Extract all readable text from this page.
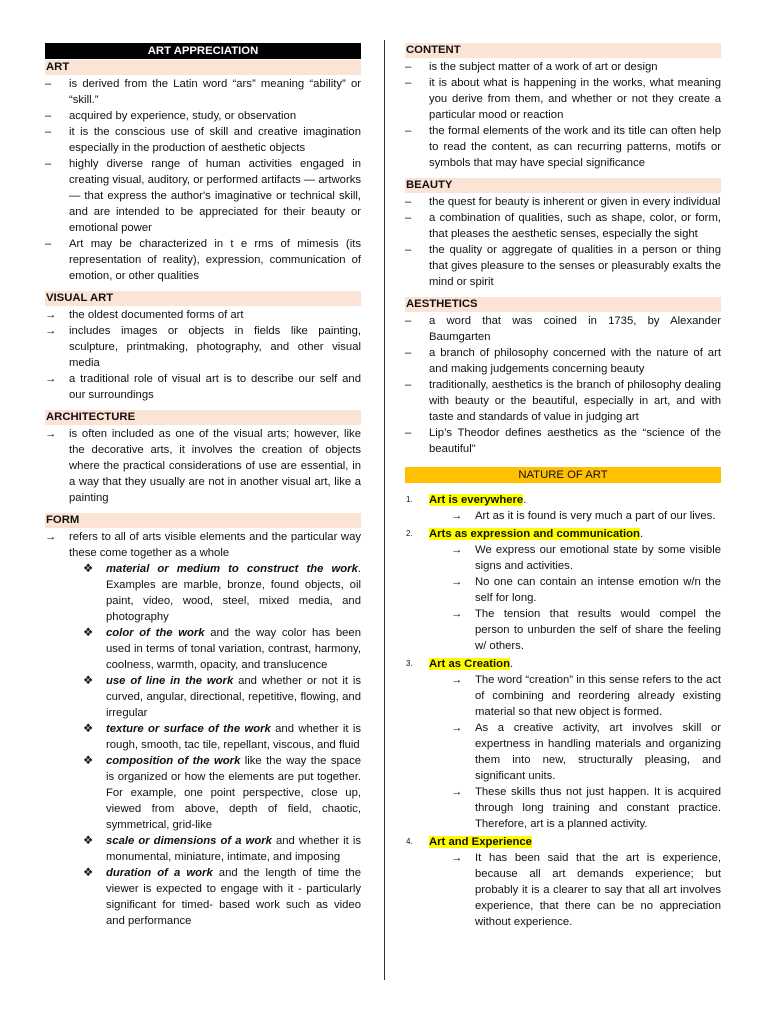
ART APPRECIATION
ART
–	is derived from the Latin word “ars” meaning “ability” or “skill.”
–	acquired by experience, study, or observation
–	it is the conscious use of skill and creative imagination especially in the production of aesthetic objects
–	highly diverse range of human activities engaged in creating visual, auditory, or performed artifacts — artworks — that express the author's imaginative or technical skill, and are intended to be appreciated for their beauty or emotional power
–	Art may be characterized in t e rms of mimesis (its representation of reality), expression, communication of emotion, or other qualities
VISUAL ART
→ the oldest documented forms of art
→ includes images or objects in fields like painting, sculpture, printmaking, photography, and other visual media
→ a traditional role of visual art is to describe our self and our surroundings
ARCHITECTURE
→ is often included as one of the visual arts; however, like the decorative arts, it involves the creation of objects where the practical considerations of use are essential, in a way that they usually are not in another visual art, like a painting
FORM
→ refers to all of arts visible elements and the particular way these come together as a whole
❖ material or medium to construct the work. Examples are marble, bronze, found objects, oil paint, video, wood, steel, mixed media, and photography
❖ color of the work and the way color has been used in terms of tonal variation, contrast, harmony, coolness, warmth, opacity, and translucence
❖ use of line in the work and whether or not it is curved, angular, directional, repetitive, flowing, and irregular
❖ texture or surface of the work and whether it is rough, smooth, tac tile, repellant, viscous, and fluid
❖ composition of the work like the way the space is organized or how the elements are put together. For example, one point perspective, close up, viewed from above, depth of field, chaotic, symmetrical, grid-like
❖ scale or dimensions of a work and whether it is monumental, miniature, intimate, and imposing
❖ duration of a work and the length of time the viewer is expected to engage with it - particularly significant for timed- based work such as video and performance
CONTENT
–	is the subject matter of a work of art or design
–	it is about what is happening in the works, what meaning you derive from them, and whether or not they create a particular mood or reaction
–	the formal elements of the work and its title can often help to read the content, as can recurring patterns, motifs or symbols that may have special significance
BEAUTY
–	the quest for beauty is inherent or given in every individual
–	a combination of qualities, such as shape, color, or form, that pleases the aesthetic senses, especially the sight
–	the quality or aggregate of qualities in a person or thing that gives pleasure to the senses or pleasurably exalts the mind or spirit
AESTHETICS
–	a word that was coined in 1735, by Alexander Baumgarten
–	a branch of philosophy concerned with the nature of art and making judgements concerning beauty
–	traditionally, aesthetics is the branch of philosophy dealing with beauty or the beautiful, especially in art, and with taste and standards of value in judging art
–	Lip’s Theodor defines aesthetics as the “science of the beautiful"
NATURE OF ART
1. Art is everywhere.
→ Art as it is found is very much a part of our lives.
2. Arts as expression and communication.
→ We express our emotional state by some visible signs and activities.
→ No one can contain an intense emotion w/n the self for long.
→ The tension that results would compel the person to unburden the self of share the feeling w/ others.
3. Art as Creation.
→ The word “creation” in this sense refers to the act of combining and reordering already existing material so that new object is formed.
→ As a creative activity, art involves skill or expertness in handling materials and organizing them into new, structurally pleasing, and significant units.
→ These skills thus not just happen. It is acquired through long training and constant practice. Therefore, art is a planned activity.
4. Art and Experience
→ It has been said that the art is experience, because all art demands experience; but probably it is a clearer to say that all art involves experience, that there can be no appreciation without experience.
